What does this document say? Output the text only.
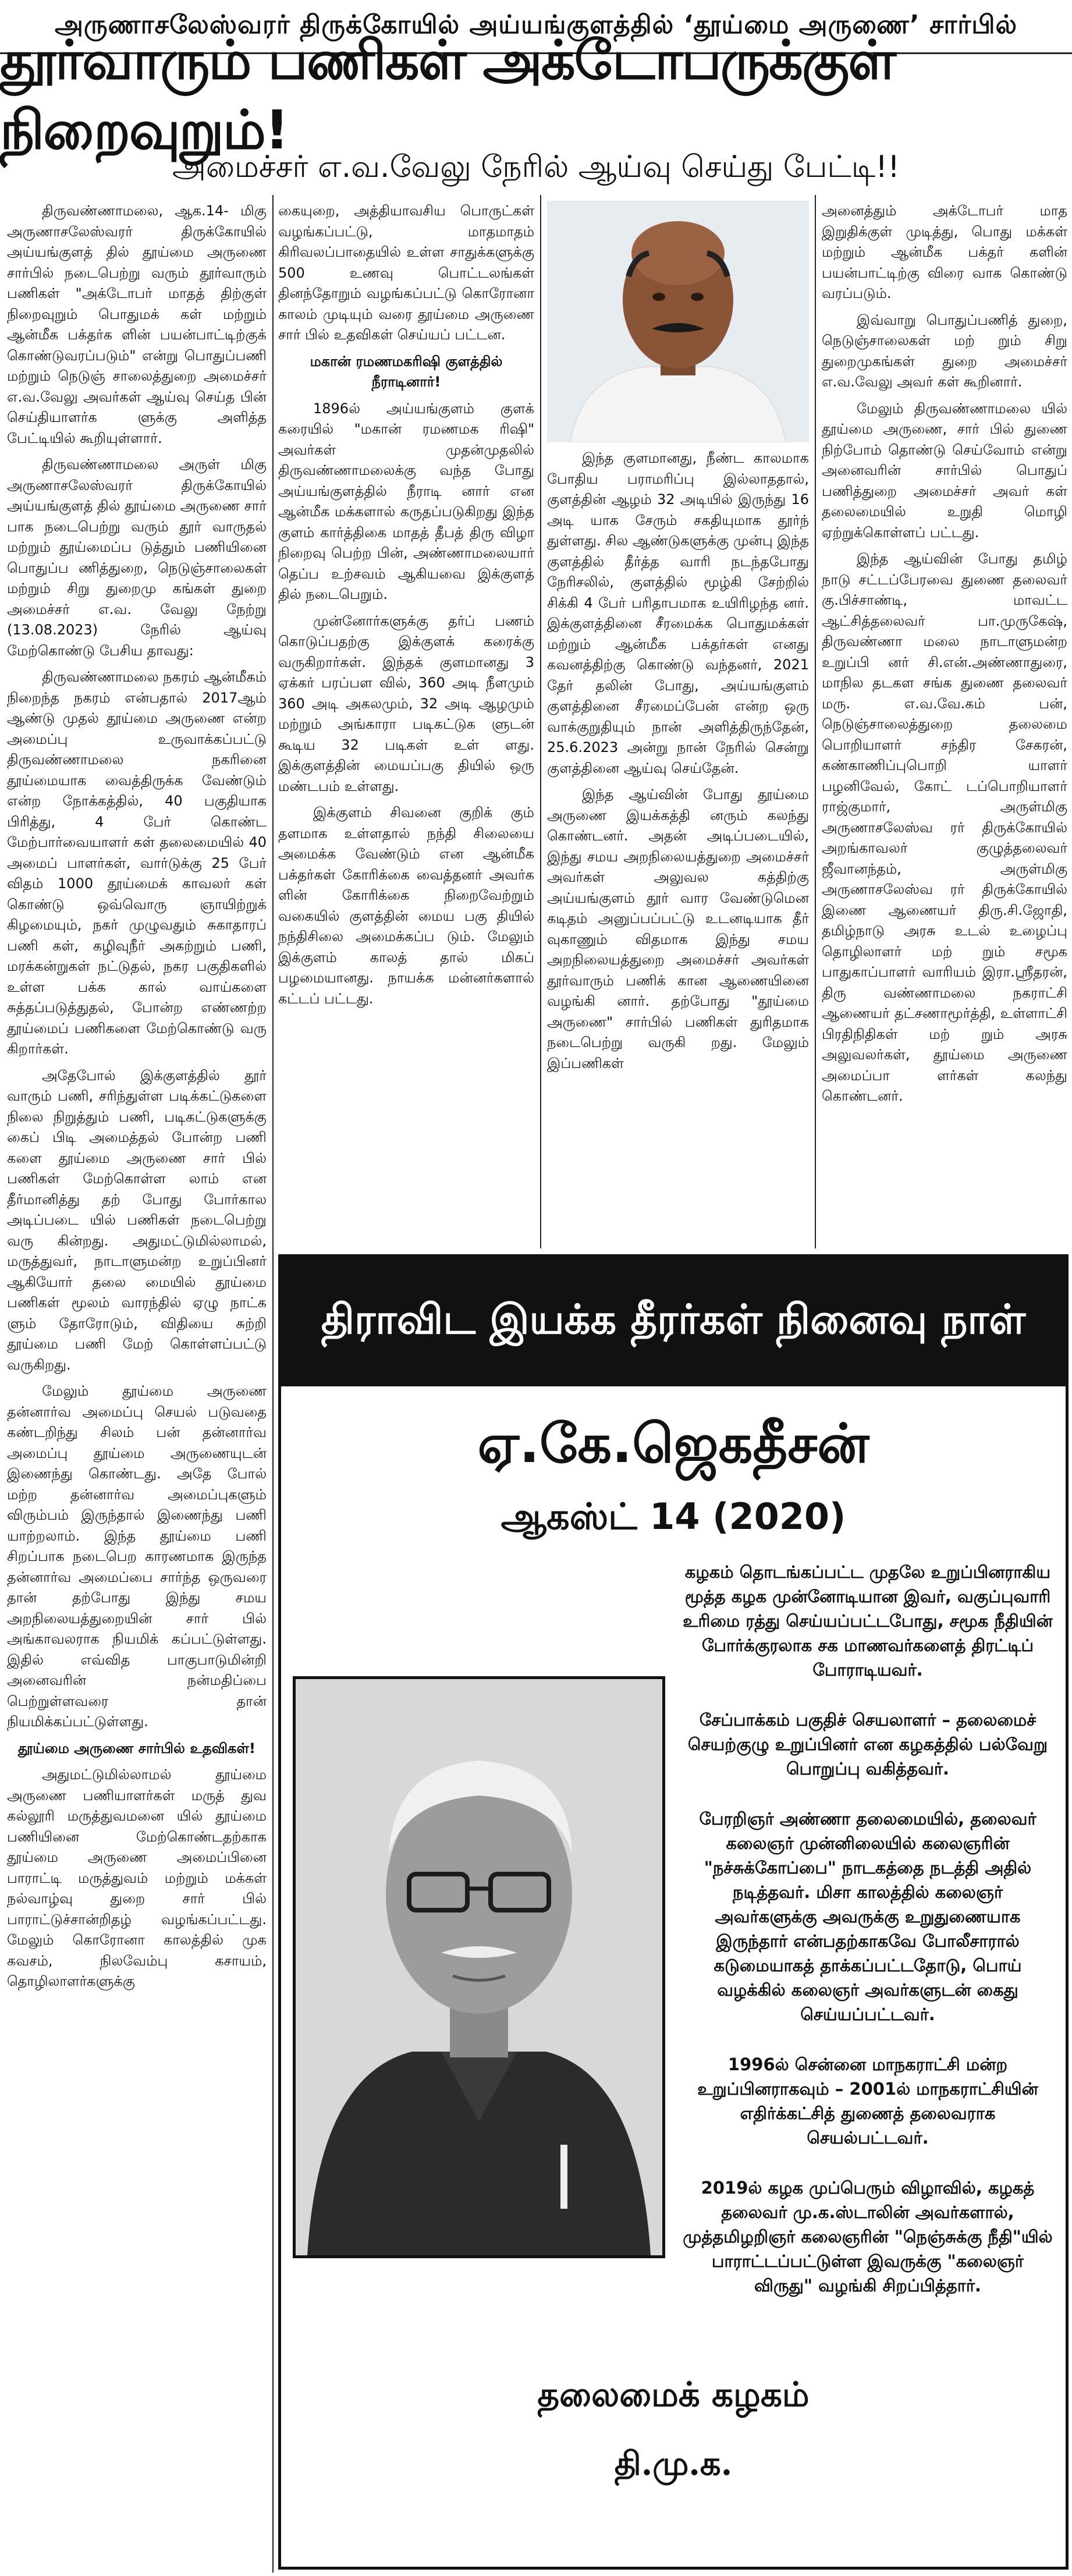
அருணாசலேஸ்வரர் திருக்கோயில் அய்யங்குளத்தில் ‘தூய்மை அருணை’ சார்பில்
தூர்வாரும் பணிகள் அக்டோபருக்குள் நிறைவுறும்!
அமைச்சர் எ.வ.வேலு நேரில் ஆய்வு செய்து பேட்டி!!

திருவண்ணாமலை, ஆக.14- மிகு அருணாசலேஸ்வரர் திருக்கோயில் அய்யங்குளத் தில் தூய்மை அருணை சார்பில் நடைபெற்று வரும் தூர்வாரும் பணிகள் "அக்டோபர் மாதத் திற்குள் நிறைவுறும் பொதுமக் கள் மற்றும் ஆன்மீக பக்தர்க ளின் பயன்பாட்டிற்குக் கொண்டுவரப்படும்" என்று பொதுப்பணி மற்றும் நெடுஞ் சாலைத்துறை அமைச்சர் எ.வ.வேலு அவர்கள் ஆய்வு செய்த பின் செய்தியாளர்க ளுக்கு அளித்த பேட்டியில் கூறியுள்ளார்.

திருவண்ணாமலை அருள் மிகு அருணாசலேஸ்வரர் திருக்கோயில் அய்யங்குளத் தில் தூய்மை அருணை சார் பாக நடைபெற்று வரும் தூர் வாருதல் மற்றும் தூய்மைப்ப டுத்தும் பணியினை பொதுப்ப ணித்துறை, நெடுஞ்சாலைகள் மற்றும் சிறு துறைமு கங்கள் துறை அமைச்சர் எ.வ. வேலு நேற்று (13.08.2023) நேரில் ஆய்வு மேற்கொண்டு பேசிய தாவது:

திருவண்ணாமலை நகரம் ஆன்மீகம் நிறைந்த நகரம் என்பதால் 2017ஆம் ஆண்டு முதல் தூய்மை அருணை என்ற அமைப்பு உருவாக்கப்பட்டு திருவண்ணாமலை நகரினை தூய்மையாக வைத்திருக்க வேண்டும் என்ற நோக்கத்தில், 40 பகுதியாக பிரித்து, 4 பேர் கொண்ட மேற்பார்வையாளர் கள் தலைமையில் 40 அமைப் பாளர்கள், வார்டுக்கு 25 பேர் விதம் 1000 தூய்மைக் காவலர் கள் கொண்டு ஒவ்வொரு ஞாயிற்றுக் கிழமையும், நகர் முழுவதும் சுகாதாரப் பணி கள், கழிவுநீர் அகற்றும் பணி, மரக்கன்றுகள் நட்டுதல், நகர பகுதிகளில் உள்ள பக்க கால் வாய்களை சுத்தப்படுத்துதல், போன்ற எண்ணற்ற தூய்மைப் பணிகளை மேற்கொண்டு வரு கிறார்கள்.

அதேபோல் இக்குளத்தில் தூர் வாரும் பணி, சரிந்துள்ள படிக்கட்டுகளை நிலை நிறுத்தும் பணி, படிகட்டுகளுக்கு கைப் பிடி அமைத்தல் போன்ற பணி களை தூய்மை அருணை சார் பில் பணிகள் மேற்கொள்ள லாம் என தீர்மானித்து தற் போது போர்கால அடிப்படை யில் பணிகள் நடைபெற்று வரு கின்றது. அதுமட்டுமில்லாமல், மருத்துவர், நாடாளுமன்ற உறுப்பினர் ஆகியோர் தலை மையில் தூய்மை பணிகள் மூலம் வாரந்தில் ஏழு நாட்க ளும் தோரோடும், விதியை சுற்றி தூய்மை பணி மேற் கொள்ளப்பட்டு வருகிறது.

மேலும் தூய்மை அருணை தன்னார்வ அமைப்பு செயல் படுவதை கண்டறிந்து சிலம் பன் தன்னார்வ அமைப்பு தூய்மை அருணையுடன் இணைந்து கொண்டது. அதே போல் மற்ற தன்னார்வ அமைப்புகளும் விரும்பம் இருந்தால் இணைந்து பணி யாற்றலாம். இந்த தூய்மை பணி சிறப்பாக நடைபெற காரணமாக இருந்த தன்னார்வ அமைப்பை சார்ந்த ஒருவரை தான் தற்போது இந்து சமய அறநிலையத்துறையின் சார் பில் அங்காவலராக நியமிக் கப்பட்டுள்ளது. இதில் எவ்வித பாகுபாடுமின்றி அனைவரின் நன்மதிப்பை பெற்றுள்ளவரை தான் நியமிக்கப்பட்டுள்ளது.

தூய்மை அருணை சார்பில் உதவிகள்!

அதுமட்டுமில்லாமல் தூய்மை அருணை பணியாளர்கள் மருத் துவ கல்லூரி மருத்துவமனை யில் தூய்மை பணியினை மேற்கொண்டதற்காக தூய்மை அருணை அமைப்பினை பாராட்டி மருத்துவம் மற்றும் மக்கள் நல்வாழ்வு துறை சார் பில் பாராட்டுச்சான்றிதழ் வழங்கப்பட்டது. மேலும் கொரோனா காலத்தில் முக கவசம், நிலவேம்பு கசாயம், தொழிலாளர்களுக்கு

கையுறை, அத்தியாவசிய பொருட்கள் வழங்கப்பட்டு, மாதமாதம் கிரிவலப்பாதையில் உள்ள சாதுக்களுக்கு 500 உணவு பொட்டலங்கள் தினந்தோறும் வழங்கப்பட்டு கொரோனா காலம் முடியும் வரை தூய்மை அருணை சார் பில் உதவிகள் செய்யப் பட்டன.

மகான் ரமணமகரிஷி குளத்தில் நீராடினார்!

1896ல் அய்யங்குளம் குளக் கரையில் "மகான் ரமணமக ரிஷி" அவர்கள் முதன்முதலில் திருவண்ணாமலைக்கு வந்த போது அய்யங்குளத்தில் நீராடி னார் என ஆன்மீக மக்களால் கருதப்படுகிறது இந்த குளம் கார்த்திகை மாதத் தீபத் திரு விழா நிறைவு பெற்ற பின், அண்ணாமலையார் தெப்ப உற்சவம் ஆகியவை இக்குளத் தில் நடைபெறும்.

முன்னோர்களுக்கு தர்ப் பணம் கொடுப்பதற்கு இக்குளக் கரைக்கு வருகிறார்கள். இந்தக் குளமானது 3 ஏக்கர் பரப்பள வில், 360 அடி நீளமும் 360 அடி அகலமும், 32 அடி ஆழமும் மற்றும் அங்காரா படிகட்டுக ளுடன் கூடிய 32 படிகள் உள் ளது. இக்குளத்தின் மையப்பகு தியில் ஒரு மண்டபம் உள்ளது.

இக்குளம் சிவனை குறிக் கும் தளமாக உள்ளதால் நந்தி சிலையை அமைக்க வேண்டும் என ஆன்மீக பக்தர்கள் கோரிக்கை வைத்தனர் அவர்க ளின் கோரிக்கை நிறைவேற்றும் வகையில் குளத்தின் மைய பகு தியில் நந்திசிலை அமைக்கப்ப டும். மேலும் இக்குளம் காலத் தால் மிகப் பழமையானது. நாயக்க மன்னர்களால் கட்டப் பட்டது.

இந்த குளமானது, நீண்ட காலமாக போதிய பராமரிப்பு இல்லாததால், குளத்தின் ஆழம் 32 அடியில் இருந்து 16 அடி யாக சேரும் சகதியுமாக தூர்ந் துள்ளது. சில ஆண்டுகளுக்கு முன்பு இந்த குளத்தில் தீர்த்த வாரி நடந்தபோது நேரிசலில், குளத்தில் மூழ்கி சேற்றில் சிக்கி 4 பேர் பரிதாபமாக உயிரிழந்த னர். இக்குளத்தினை சீரமைக்க பொதுமக்கள் மற்றும் ஆன்மீக பக்தர்கள் எனது கவனத்திற்கு கொண்டு வந்தனர், 2021 தேர் தலின் போது, அய்யங்குளம் குளத்தினை சீரமைப்பேன் என்ற ஒரு வாக்குறுதியும் நான் அளித்திருந்தேன், 25.6.2023 அன்று நான் நேரில் சென்று குளத்தினை ஆய்வு செய்தேன்.

இந்த ஆய்வின் போது தூய்மை அருணை இயக்கத்தி னரும் கலந்து கொண்டனர். அதன் அடிப்படையில், இந்து சமய அறநிலையத்துறை அமைச்சர் அவர்கள் அலுவல கத்திற்கு அய்யங்குளம் தூர் வார வேண்டுமென கடிதம் அனுப்பப்பட்டு உடனடியாக தீர் வுகாணும் விதமாக இந்து சமய அறநிலையத்துறை அமைச்சர் அவர்கள் தூர்வாரும் பணிக் கான ஆணையினை வழங்கி னார். தற்போது "தூய்மை அருணை" சார்பில் பணிகள் துரிதமாக நடைபெற்று வருகி றது. மேலும் இப்பணிகள்

அனைத்தும் அக்டோபர் மாத இறுதிக்குள் முடித்து, பொது மக்கள் மற்றும் ஆன்மீக பக்தர் களின் பயன்பாட்டிற்கு விரை வாக கொண்டு வரப்படும்.

இவ்வாறு பொதுப்பணித் துறை, நெடுஞ்சாலைகள் மற் றும் சிறு துறைமுகங்கள் துறை அமைச்சர் எ.வ.வேலு அவர் கள் கூறினார்.

மேலும் திருவண்ணாமலை யில் தூய்மை அருணை, சார் பில் துணை நிற்போம் தொண்டு செய்வோம் என்று அனைவரின் சார்பில் பொதுப் பணித்துறை அமைச்சர் அவர் கள் தலைமையில் உறுதி மொழி ஏற்றுக்கொள்ளப் பட்டது.

இந்த ஆய்வின் போது தமிழ் நாடு சட்டப்பேரவை துணை தலைவர் கு.பிச்சாண்டி, மாவட்ட ஆட்சித்தலைவர் பா.முருகேஷ், திருவண்ணா மலை நாடாளுமன்ற உறுப்பி னர் சி.என்.அண்ணாதுரை, மாநில தடகள சங்க துணை தலைவர் மரு. எ.வ.வே.கம் பன், நெடுஞ்சாலைத்துறை தலைமை பொறியாளர் சந்திர சேகரன், கண்காணிப்புபொறி யாளர் பழனிவேல், கோட் டப்பொறியாளர் ராஜ்குமார், அருள்மிகு அருணாசலேஸ்வ ரர் திருக்கோயில் அறங்காவலர் குழுத்தலைவர் ஜீவானந்தம், அருள்மிகு அருணாசலேஸ்வ ரர் திருக்கோயில் இணை ஆணையர் திரு.சி.ஜோதி, தமிழ்நாடு அரசு உடல் உழைப்பு தொழிலாளர் மற் றும் சமூக பாதுகாப்பாளர் வாரியம் இரா.ஸ்ரீதரன், திரு வண்ணாமலை நகராட்சி ஆணையர் தட்சணாமூர்த்தி, உள்ளாட்சி பிரதிநிதிகள் மற் றும் அரசு அலுவலர்கள், தூய்மை அருணை அமைப்பா ளர்கள் கலந்து கொண்டனர்.

திராவிட இயக்க தீரர்கள் நினைவு நாள்
ஏ.கே.ஜெகதீசன்
ஆகஸ்ட் 14 (2020)

கழகம் தொடங்கப்பட்ட முதலே உறுப்பினராகிய மூத்த கழக முன்னோடியான இவர், வகுப்புவாரி உரிமை ரத்து செய்யப்பட்டபோது, சமூக நீதியின் போர்க்குரலாக சக மாணவர்களைத் திரட்டிப் போராடியவர்.

சேப்பாக்கம் பகுதிச் செயலாளர் – தலைமைச் செயற்குழு உறுப்பினர் என கழகத்தில் பல்வேறு பொறுப்பு வகித்தவர்.

பேரறிஞர் அண்ணா தலைமையில், தலைவர் கலைஞர் முன்னிலையில் கலைஞரின் "நச்சுக்கோப்பை" நாடகத்தை நடத்தி அதில் நடித்தவர். மிசா காலத்தில் கலைஞர் அவர்களுக்கு அவருக்கு உறுதுணையாக இருந்தார் என்பதற்காகவே போலீசாரால் கடுமையாகத் தாக்கப்பட்டதோடு, பொய் வழக்கில் கலைஞர் அவர்களுடன் கைது செய்யப்பட்டவர்.

1996ல் சென்னை மாநகராட்சி மன்ற உறுப்பினராகவும் – 2001ல் மாநகராட்சியின் எதிர்க்கட்சித் துணைத் தலைவராக செயல்பட்டவர்.

2019ல் கழக முப்பெரும் விழாவில், கழகத் தலைவர் மு.க.ஸ்டாலின் அவர்களால், முத்தமிழறிஞர் கலைஞரின் "நெஞ்சுக்கு நீதி"யில் பாராட்டப்பட்டுள்ள இவருக்கு "கலைஞர் விருது" வழங்கி சிறப்பித்தார்.

தலைமைக் கழகம்
தி.மு.க.
